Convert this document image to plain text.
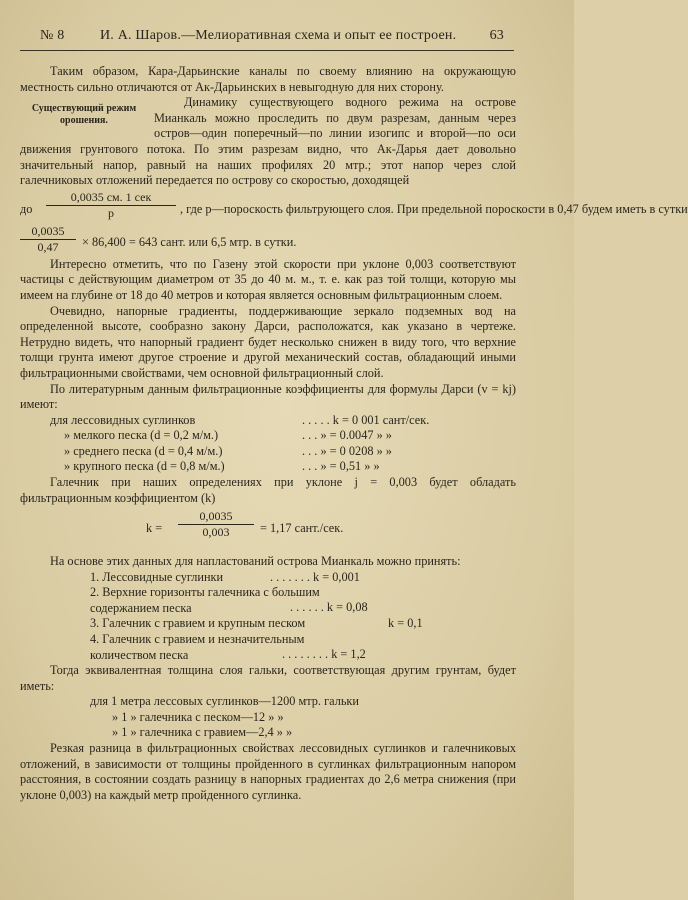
№ 8	И. А. Шаров.—Мелиоративная схема и опыт ее построен. 63

Таким образом, Кара-Дарьинские каналы по своему влиянию на окружающую местность сильно отличаются от Ак-Дарьинских в невыгодную для них сторону.

Существующий режим орошения.

Динамику существующего водного режима на острове Мианкаль можно проследить по двум разрезам, данным через остров—один поперечный—по линии изогипс и второй—по оси движения грунтового потока. По этим разрезам видно, что Ак-Дарья дает довольно значительный напор, равный на наших профилях 20 мтр.; этот напор через слой галечниковых отложений передается по острову со скоростью, доходящей

до $\frac{\text{0,0035 см. 1 сек}}{p}$ , где р—пороскость фильтрующего слоя. При предельной пороскости в 0,47 будем иметь в сутки
$\frac{0,0035}{0,47} \times 86,400 = 643$ сант. или 6,5 мтр. в сутки.

Интересно отметить, что по Газену этой скорости при уклоне 0,003 соответствуют частицы с действующим диаметром от 35 до 40 м. м., т. е. как раз той толщи, которую мы имеем на глубине от 18 до 40 метров и которая является основным фильтрационным слоем.

Очевидно, напорные градиенты, поддерживающие зеркало подземных вод на определенной высоте, сообразно закону Дарси, расположатся, как указано в чертеже. Нетрудно видеть, что напорный градиент будет несколько снижен в виду того, что верхние толщи грунта имеют другое строение и другой механический состав, обладающий иными фильтрационными свойствами, чем основной фильтрационный слой.

По литературным данным фильтрационные коэффициенты для формулы Дарси (v = kj) имеют:

для лессовидных суглинков	. . . . . k = 0 001 сант/сек.
» мелкого песка (d = 0,2 м/м.)	. . . » = 0.0047 » »
» среднего песка (d = 0,4 м/м.)	. . . » = 0 0208 » »
» крупного песка (d = 0,8 м/м.)	. . . » = 0,51 » »

Галечник при наших определениях при уклоне j = 0,003 будет обладать фильтрационным коэффициентом (k)

$k = \frac{0,0035}{0,003} = 1,17$ сант./сек.

На основе этих данных для напластований острова Мианкаль можно принять:

1. Лессовидные суглинки	. . . . . . . k = 0,001
2. Верхние горизонты галечника с большим содержанием песка	. . . . . . k = 0,08
3. Галечник с гравием и крупным песком	k = 0,1
4. Галечник с гравием и незначительным количеством песка	. . . . . . . . k = 1,2

Тогда эквивалентная толщина слоя гальки, соответствующая другим грунтам, будет иметь:

для 1 метра лессовых суглинков—1200 мтр. гальки
» 1 » галечника с песком—12 » »
» 1 » галечника с гравием—2,4 » »

Резкая разница в фильтрационных свойствах лессовидных суглинков и галечниковых отложений, в зависимости от толщины пройденного в суглинках фильтрационным напором расстояния, в состоянии создать разницу в напорных градиентах до 2,6 метра снижения (при уклоне 0,003) на каждый метр пройденного суглинка.
